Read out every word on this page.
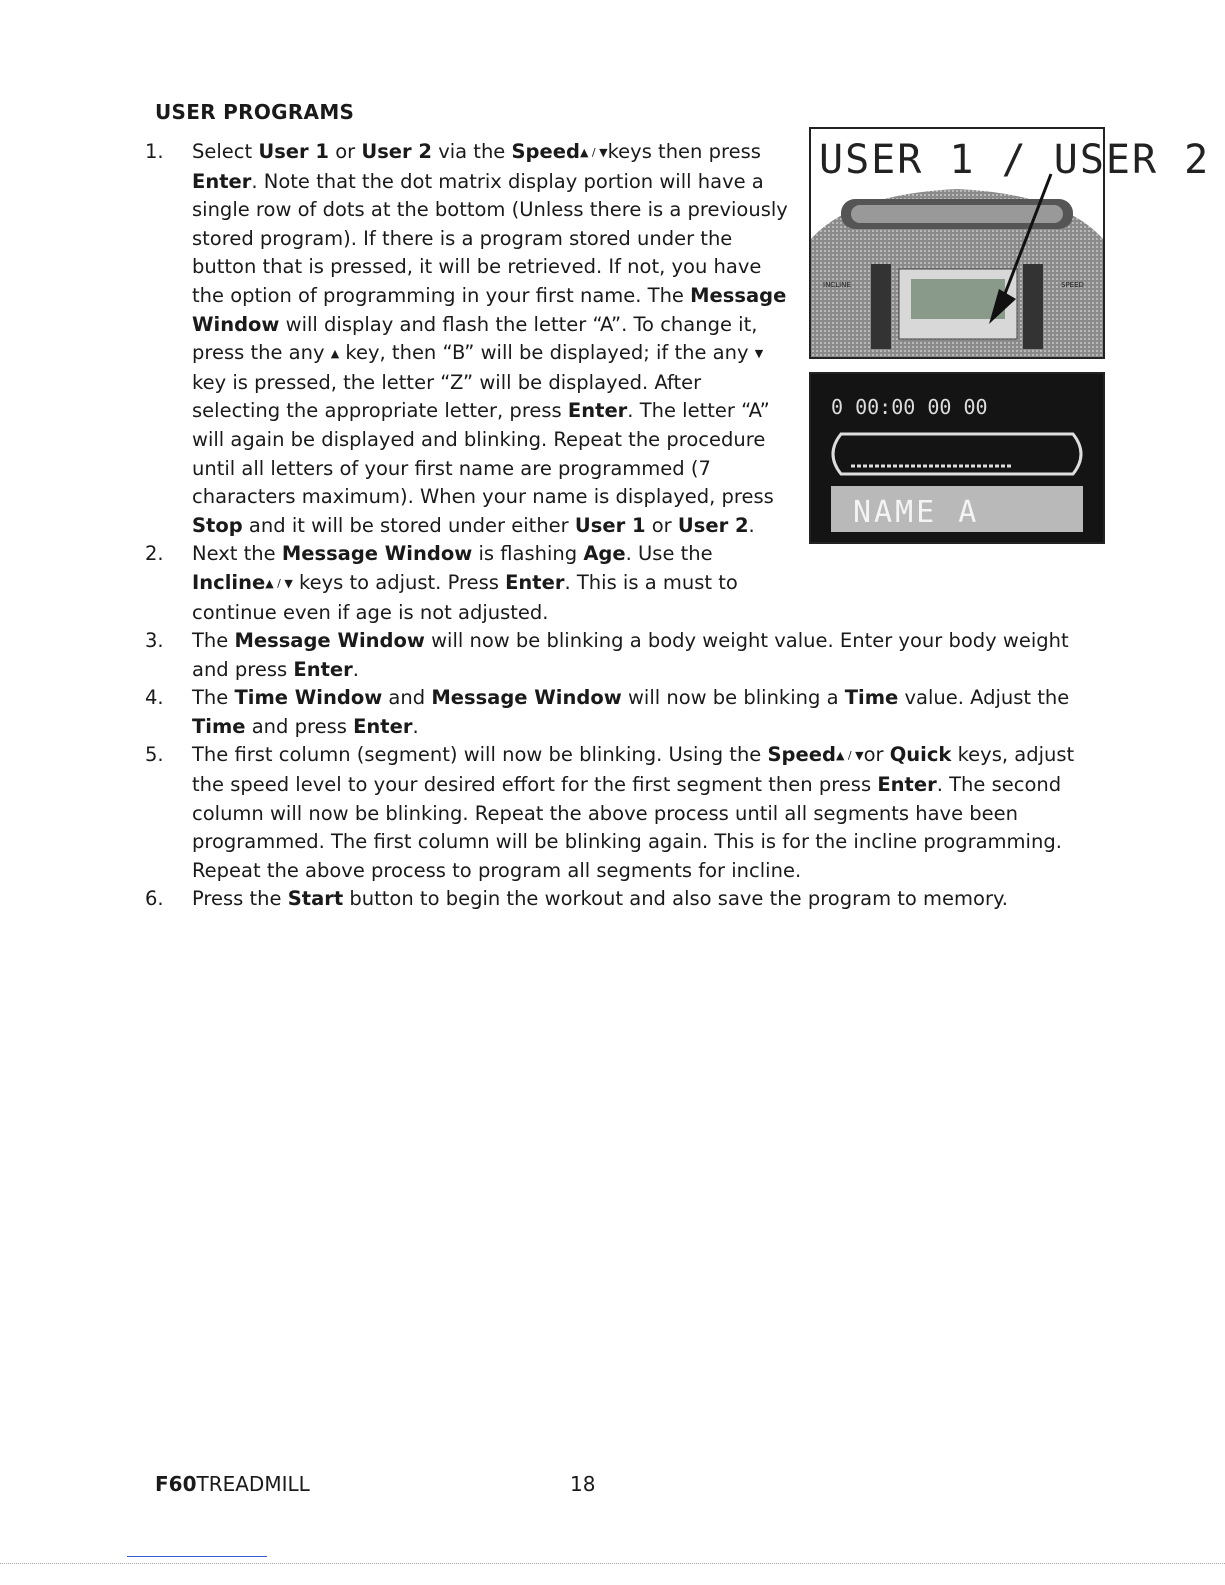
USER PROGRAMS
1. Select User 1 or User 2 via the Speed▲ / ▼keys then press Enter. Note that the dot matrix display portion will have a single row of dots at the bottom (Unless there is a previously stored program). If there is a program stored under the button that is pressed, it will be retrieved. If not, you have the option of programming in your first name. The Message Window will display and flash the letter “A”. To change it, press the any ▲ key, then “B” will be displayed; if the any ▼ key is pressed, the letter “Z” will be displayed. After selecting the appropriate letter, press Enter. The letter “A” will again be displayed and blinking. Repeat the procedure until all letters of your first name are programmed (7 characters maximum). When your name is displayed, press Stop and it will be stored under either User 1 or User 2.
2. Next the Message Window is flashing Age. Use the Incline▲ / ▼ keys to adjust. Press Enter. This is a must to continue even if age is not adjusted.
3. The Message Window will now be blinking a body weight value. Enter your body weight and press Enter.
4. The Time Window and Message Window will now be blinking a Time value. Adjust the Time and press Enter.
5. The first column (segment) will now be blinking. Using the Speed▲ / ▼or Quick keys, adjust the speed level to your desired effort for the first segment then press Enter. The second column will now be blinking. Repeat the above process until all segments have been programmed. The first column will be blinking again. This is for the incline programming. Repeat the above process to program all segments for incline.
6. Press the Start button to begin the workout and also save the program to memory.
USER 1 / USER 2
INCLINE	SPEED
0 00:00 00 00
NAME A
F60TREADMILL	18
